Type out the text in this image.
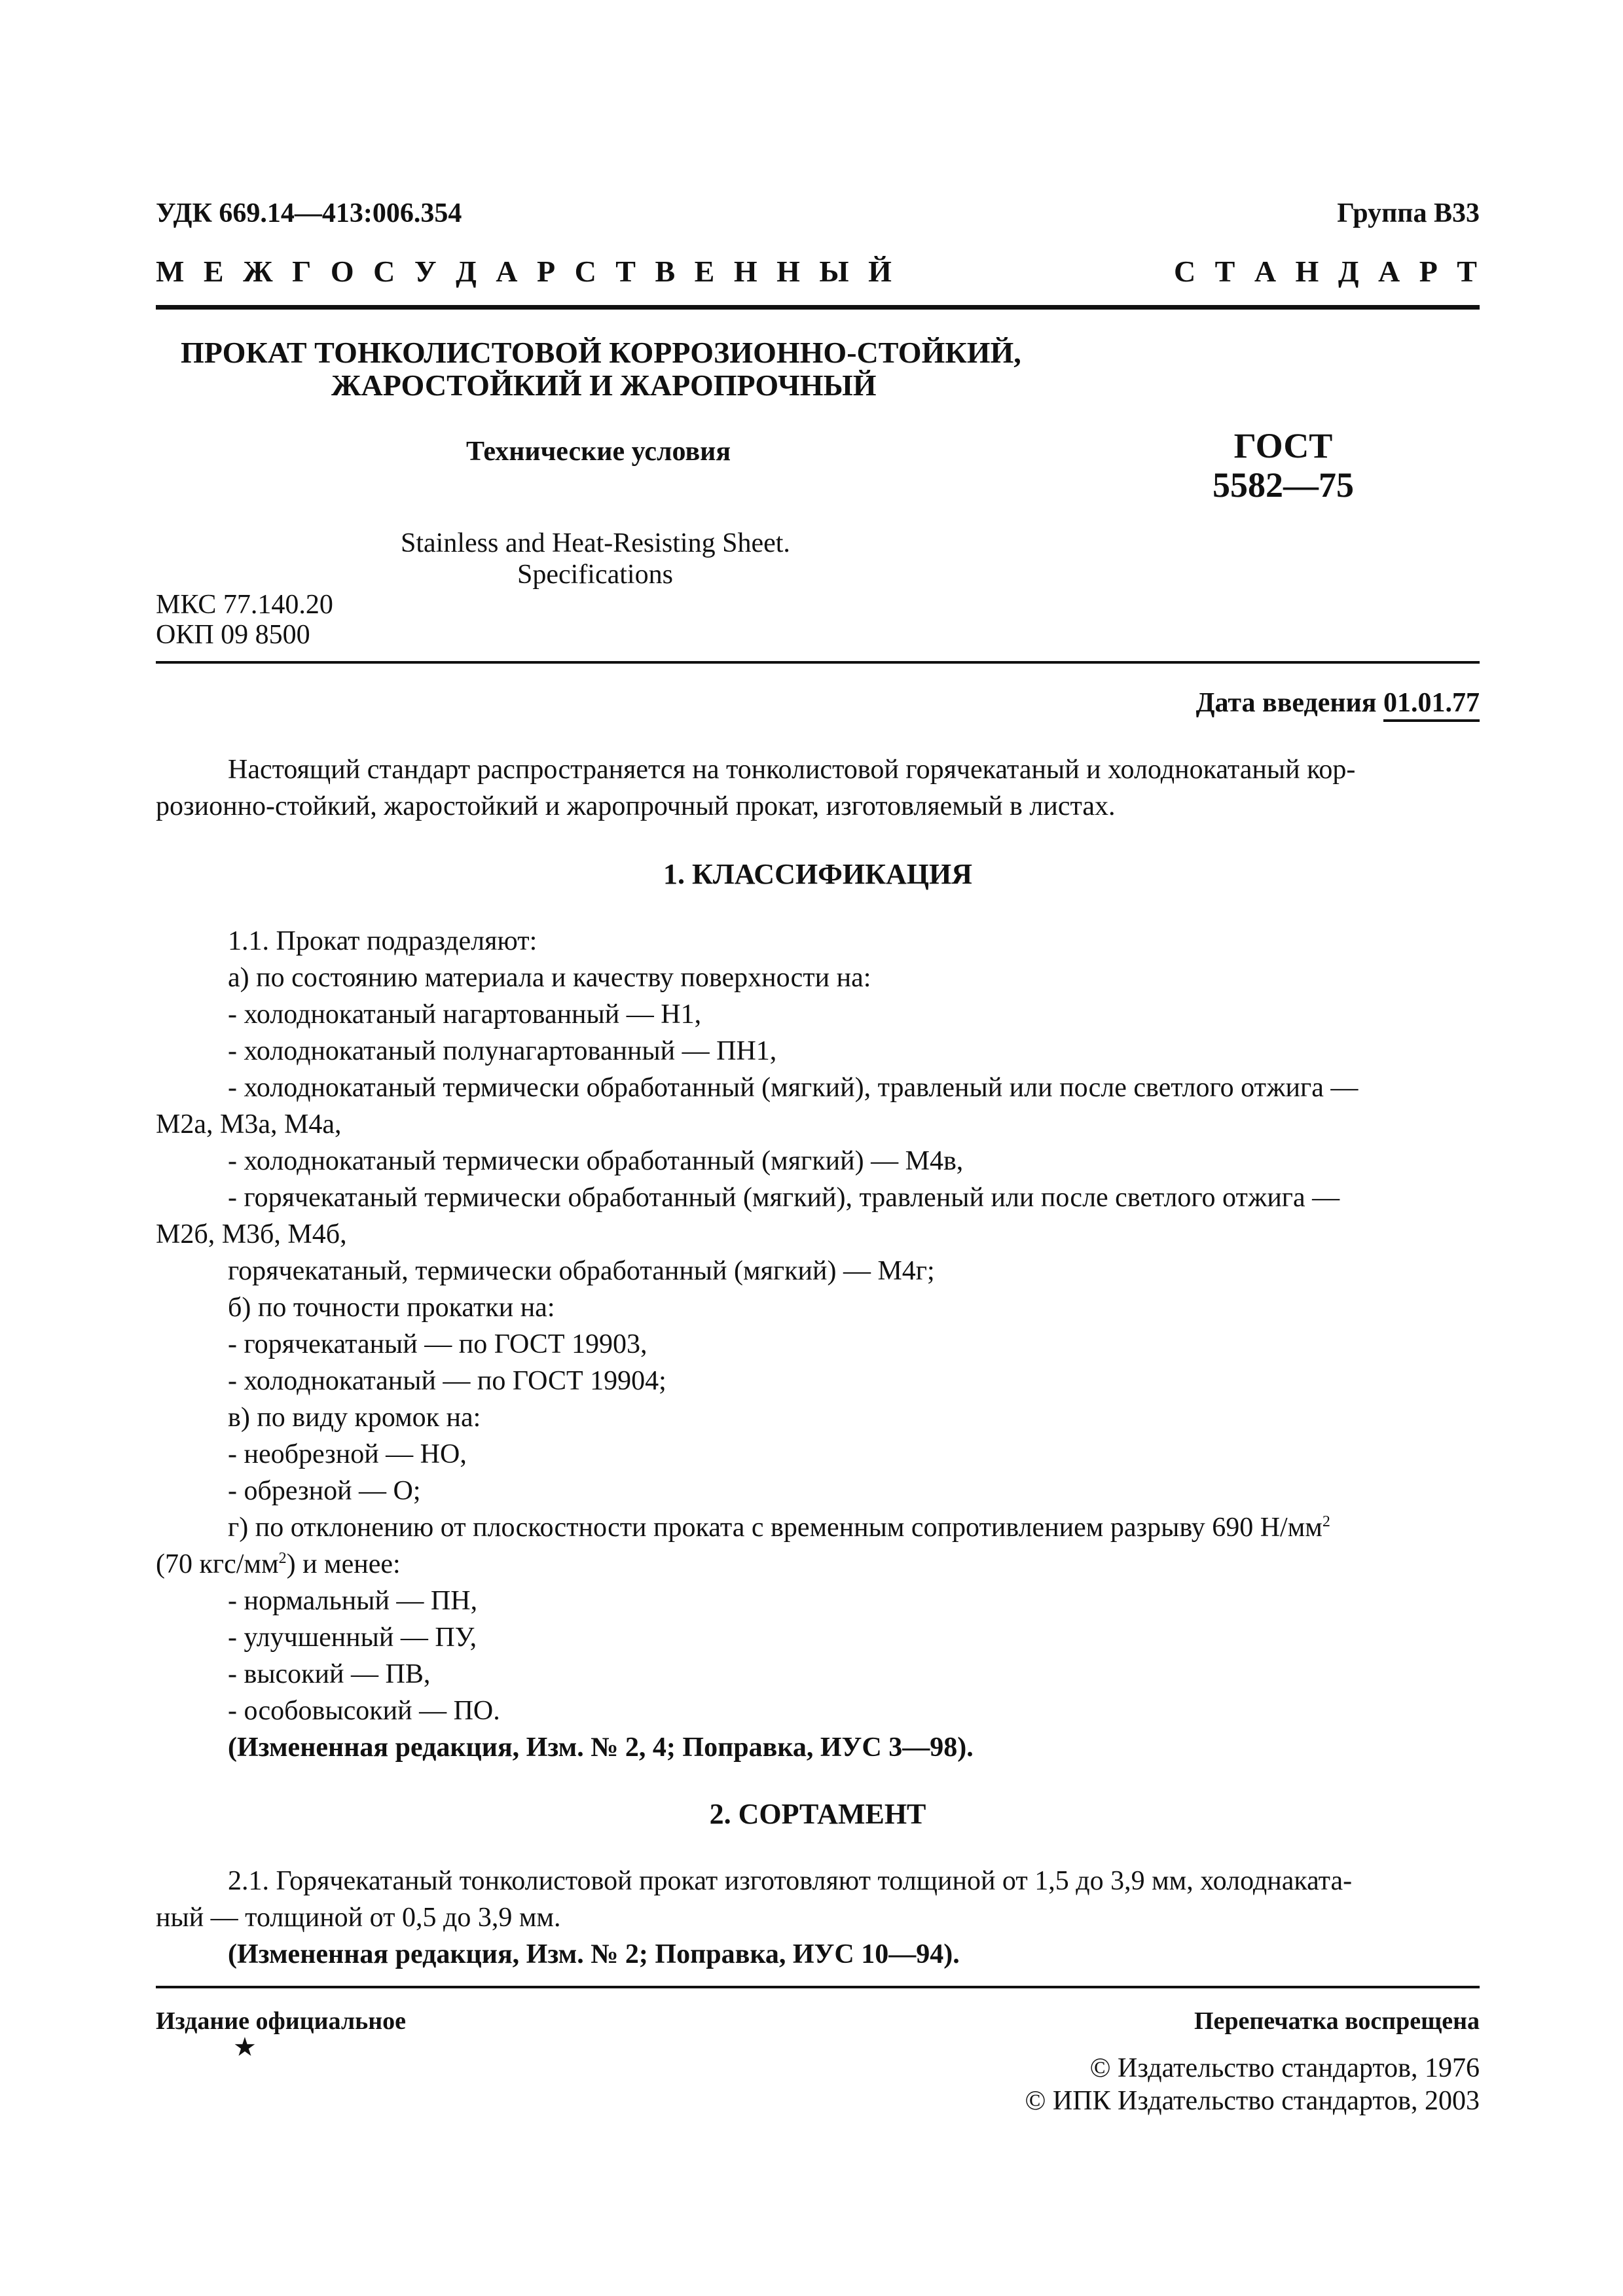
УДК 669.14—413:006.354	Группа В33
М Е Ж Г О С У Д А Р С Т В Е Н Н Ы Й	С Т А Н Д А Р Т
ПРОКАТ ТОНКОЛИСТОВОЙ КОРРОЗИОННО-СТОЙКИЙ,
ЖАРОСТОЙКИЙ И ЖАРОПРОЧНЫЙ
Технические условия	ГОСТ
5582—75
Stainless and Heat-Resisting Sheet.
Specifications
МКС 77.140.20
ОКП 09 8500
Дата введения 01.01.77
Настоящий стандарт распространяется на тонколистовой горячекатаный и холоднокатаный кор-
розионно-стойкий, жаростойкий и жаропрочный прокат, изготовляемый в листах.
1. КЛАССИФИКАЦИЯ
1.1. Прокат подразделяют:
а) по состоянию материала и качеству поверхности на:
- холоднокатаный нагартованный — Н1,
- холоднокатаный полунагартованный — ПН1,
- холоднокатаный термически обработанный (мягкий), травленый или после светлого отжига —
М2а, М3а, М4а,
- холоднокатаный термически обработанный (мягкий) — М4в,
- горячекатаный термически обработанный (мягкий), травленый или после светлого отжига —
М2б, М3б, М4б,
горячекатаный, термически обработанный (мягкий) — М4г;
б) по точности прокатки на:
- горячекатаный — по ГОСТ 19903,
- холоднокатаный — по ГОСТ 19904;
в) по виду кромок на:
- необрезной — НО,
- обрезной — О;
г) по отклонению от плоскостности проката с временным сопротивлением разрыву 690 $Н/мм^2$
(70 кгс/$мм^2$) и менее:
- нормальный — ПН,
- улучшенный — ПУ,
- высокий — ПВ,
- особовысокий — ПО.
(Измененная редакция, Изм. № 2, 4; Поправка, ИУС 3—98).
2. СОРТАМЕНТ
2.1. Горячекатаный тонколистовой прокат изготовляют толщиной от 1,5 до 3,9 мм, холоднаката-
ный — толщиной от 0,5 до 3,9 мм.
(Измененная редакция, Изм. № 2; Поправка, ИУС 10—94).
Издание официальное
★
Перепечатка воспрещена
© Издательство стандартов, 1976
© ИПК Издательство стандартов, 2003
